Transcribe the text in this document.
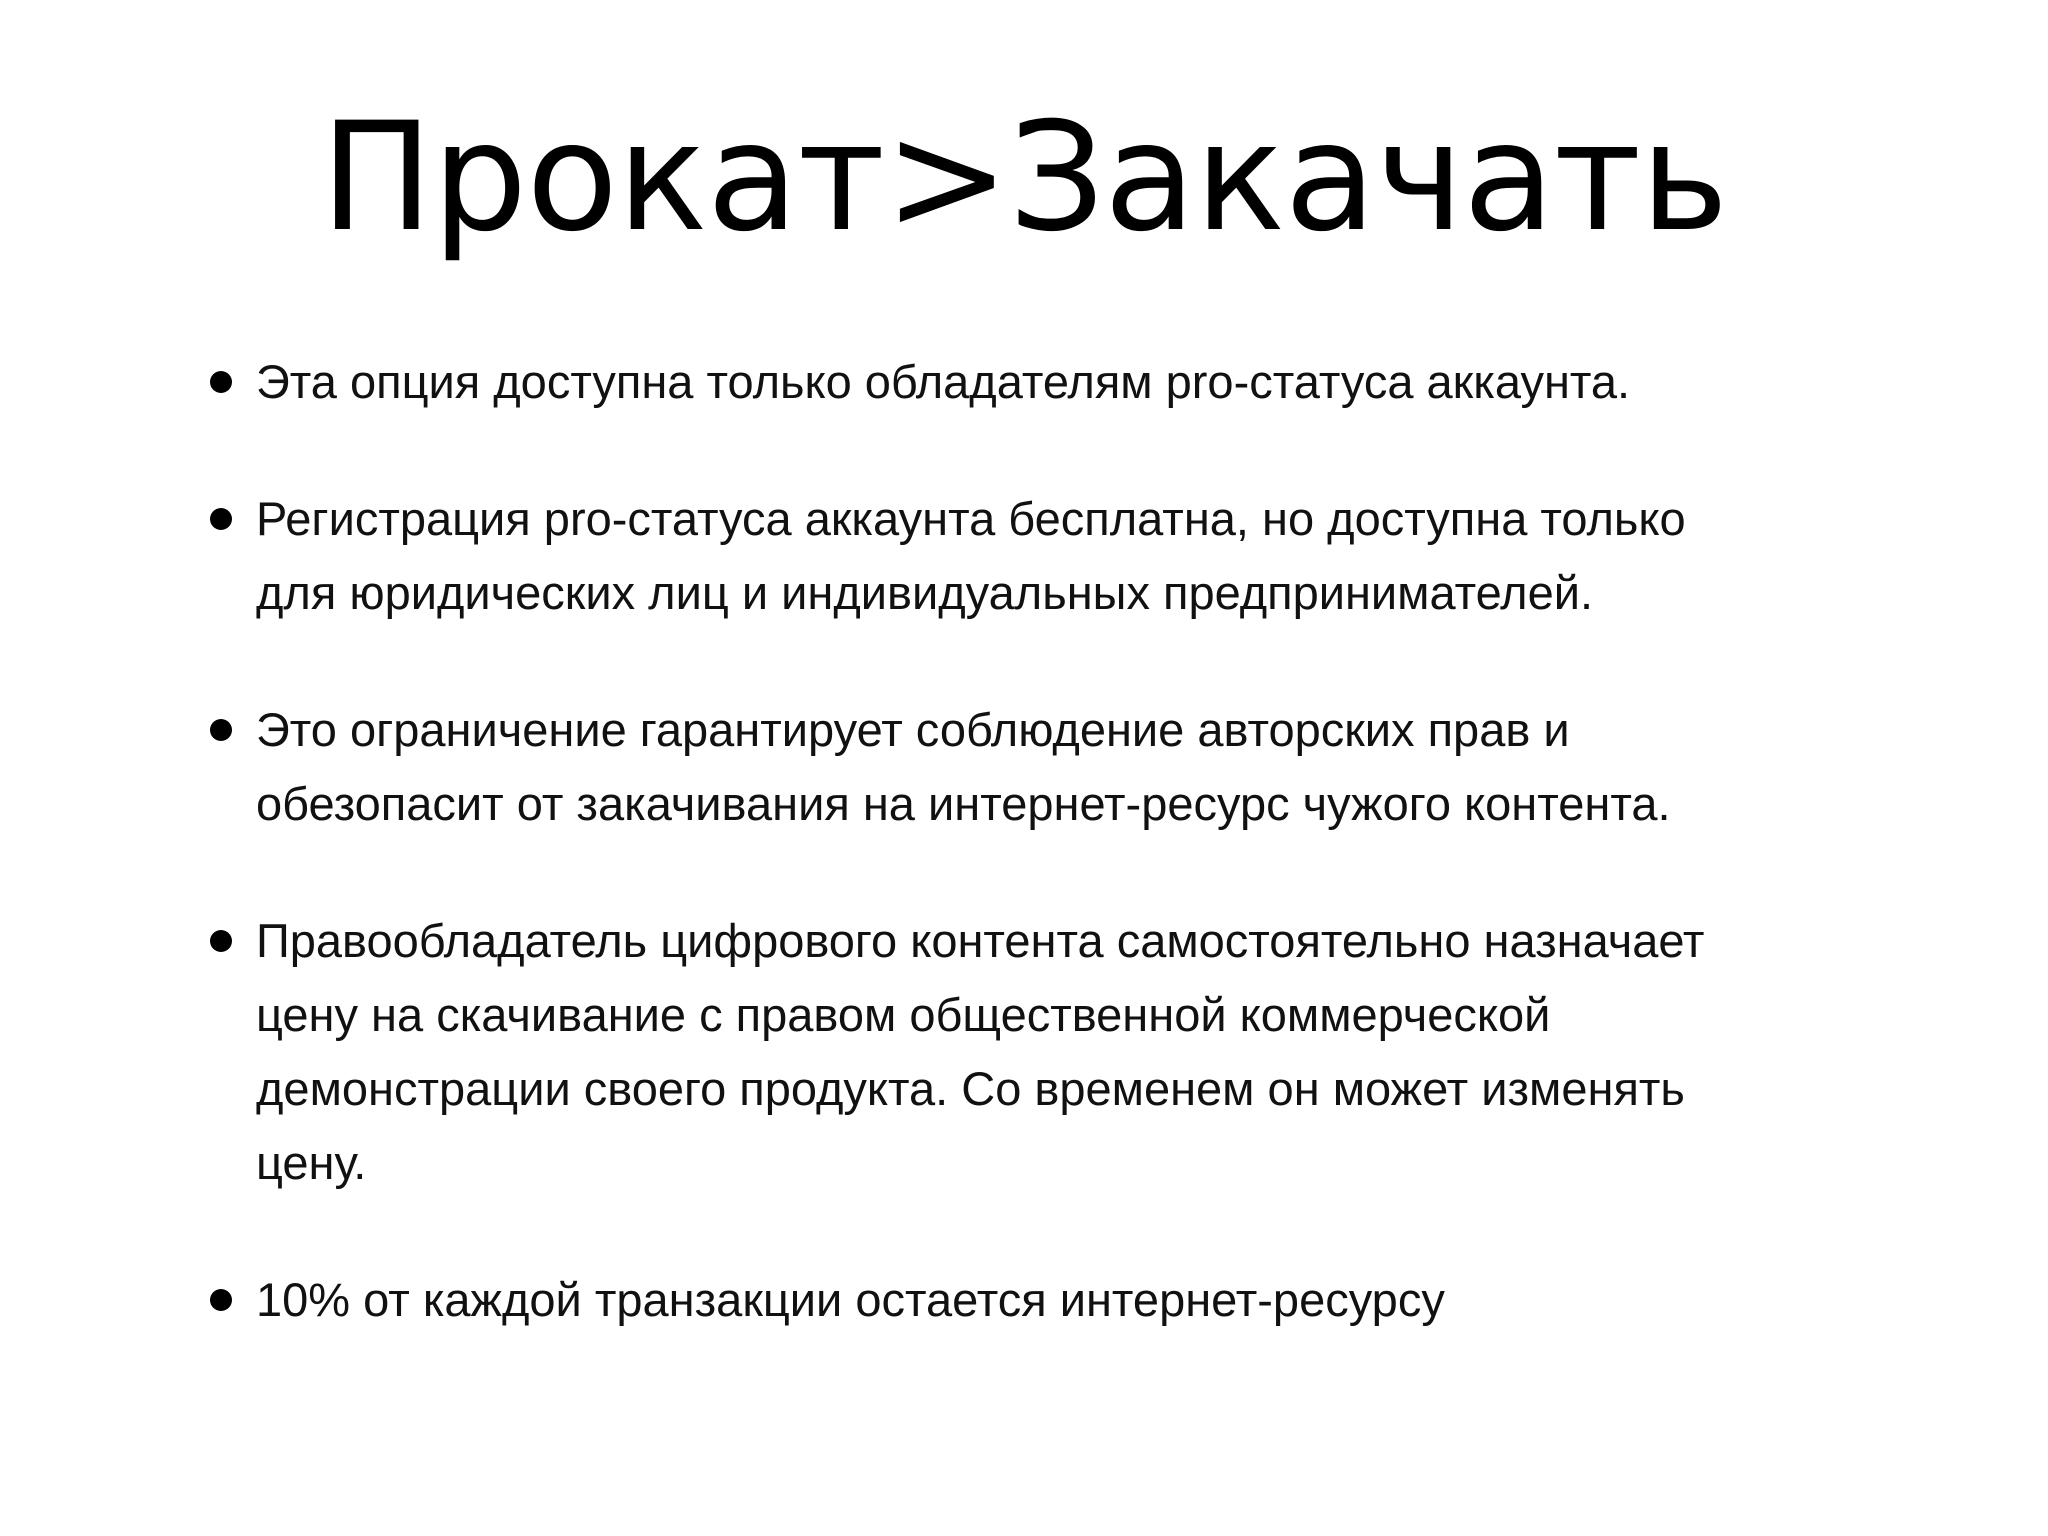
Прокат>Закачать
Эта опция доступна только обладателям pro-статуса аккаунта.
Регистрация pro-статуса аккаунта бесплатна, но доступна только
для юридических лиц и индивидуальных предпринимателей.
Это ограничение гарантирует соблюдение авторских прав и
обезопасит от закачивания на интернет-ресурс чужого контента.
Правообладатель цифрового контента самостоятельно назначает
цену на скачивание с правом общественной коммерческой
демонстрации своего продукта. Со временем он может изменять
цену.
10% от каждой транзакции остается интернет-ресурсу
